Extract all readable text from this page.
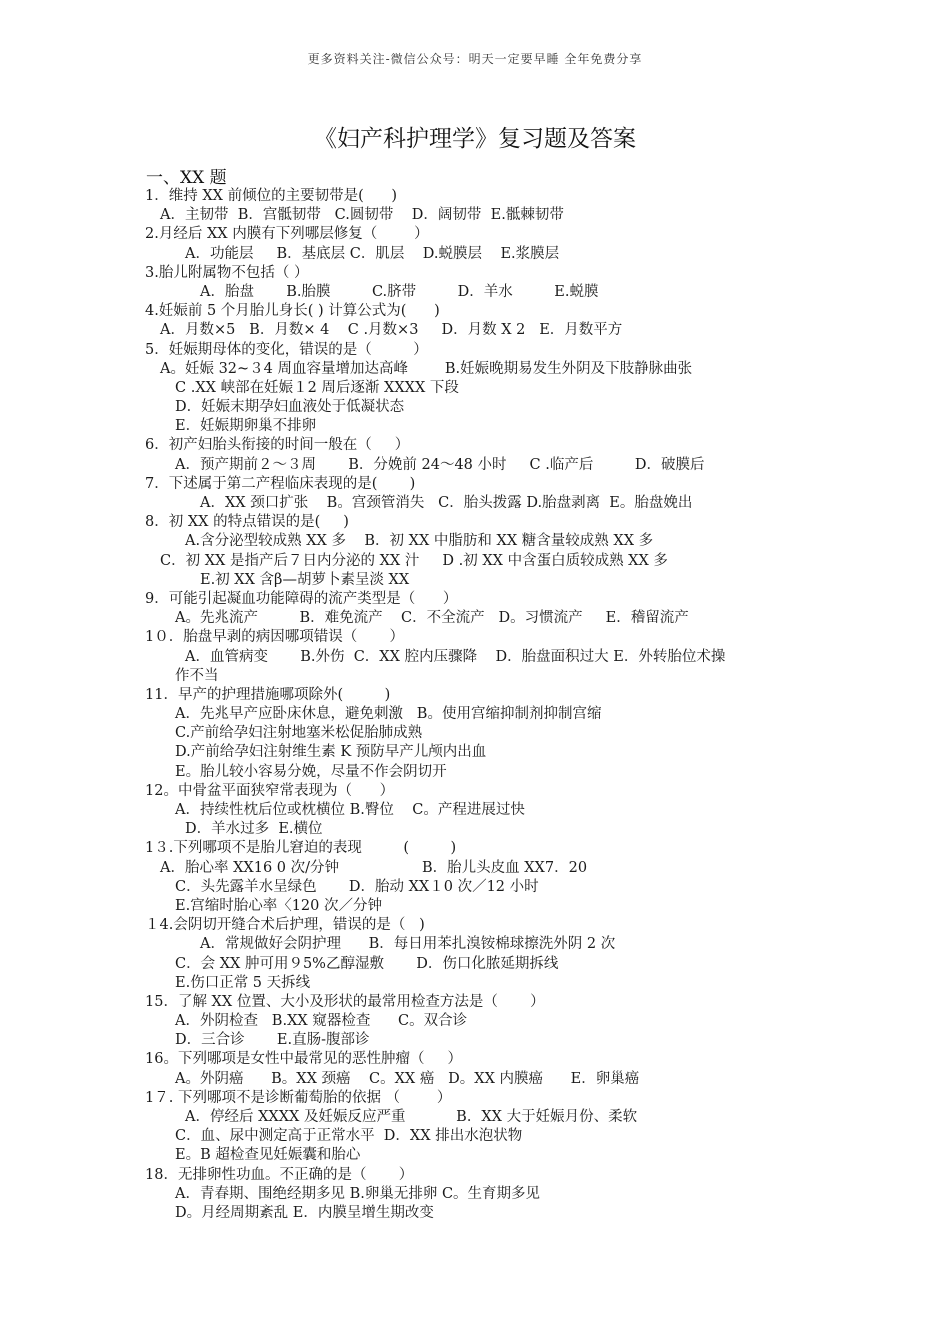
更多资料关注-微信公众号：明天一定要早睡 全年免费分享
《妇产科护理学》复习题及答案
一、XX 题
1．维持 XX 前倾位的主要韧带是(      )
A．主韧带  B．宫骶韧带   C.圆韧带    D．阔韧带  E.骶棘韧带
2.月经后 XX 内膜有下列哪层修复（        ）
A．功能层     B．基底层 C．肌层    D.蜕膜层    E.浆膜层
3.胎儿附属物不包括（ ）
A．胎盘       B.胎膜         C.脐带         D．羊水         E.蜕膜
4.妊娠前 5 个月胎儿身长( ) 计算公式为(      )
A．月数×5   B．月数× 4    C .月数×3     D．月数 X 2   E．月数平方
5．妊娠期母体的变化，错误的是（         ）
A。妊娠 32~３4 周血容量增加达高峰        B.妊娠晚期易发生外阴及下肢静脉曲张
C .XX 峡部在妊娠１2 周后逐渐 XXXX 下段
D．妊娠末期孕妇血液处于低凝状态
E．妊娠期卵巢不排卵
6．初产妇胎头衔接的时间一般在（     ）
A．预产期前２～３周       B．分娩前 24～48 小时     C .临产后         D．破膜后
7．下述属于第二产程临床表现的是(       )
A．XX 颈口扩张    B。宫颈管消失   C．胎头拨露 D.胎盘剥离  E。胎盘娩出
8．初 XX 的特点错误的是(     )
A.含分泌型较成熟 XX 多    B．初 XX 中脂肪和 XX 糖含量较成熟 XX 多
C．初 XX 是指产后７日内分泌的 XX 汁     D .初 XX 中含蛋白质较成熟 XX 多
E.初 XX 含β—胡萝卜素呈淡 XX
9．可能引起凝血功能障碍的流产类型是（      ）
A。先兆流产         B．难免流产    C．不全流产   D。习惯流产     E．稽留流产
1０．胎盘早剥的病因哪项错误（       ）
A．血管病变       B.外伤  C．XX 腔内压骤降    D．胎盘面积过大 E．外转胎位术操
作不当
11．早产的护理措施哪项除外(         )
A．先兆早产应卧床休息，避免刺激   B。使用宫缩抑制剂抑制宫缩
C.产前给孕妇注射地塞米松促胎肺成熟
D.产前给孕妇注射维生素 K 预防早产儿颅内出血
E。胎儿较小容易分娩，尽量不作会阴切开
12。中骨盆平面狭窄常表现为（      ）
A．持续性枕后位或枕横位 B.臀位    C。产程进展过快
D．羊水过多  E.横位
1３.下列哪项不是胎儿窘迫的表现         (         )
A．胎心率 XX16 0 次/分钟                  B．胎儿头皮血 XX7．20
C．头先露羊水呈绿色       D．胎动 XX１0 次／12 小时
E.宫缩时胎心率〈120 次／分钟
１4.会阴切开缝合术后护理，错误的是（   )
A．常规做好会阴护理      B．每日用苯扎溴铵棉球擦洗外阴 2 次
C．会 XX 肿可用９5%乙醇湿敷       D．伤口化脓延期拆线
E.伤口正常 5 天拆线
15．了解 XX 位置、大小及形状的最常用检查方法是（       ）
A．外阴检查   B.XX 窥器检查      C。双合诊
D．三合诊       E.直肠-腹部诊
16。下列哪项是女性中最常见的恶性肿瘤（     ）
A。外阴癌      B。XX 颈癌    C。XX 癌   D。XX 内膜癌      E．卵巢癌
1７. 下列哪项不是诊断葡萄胎的依据 （        ）
A．停经后 XXXX 及妊娠反应严重           B．XX 大于妊娠月份、柔软
C．血、尿中测定高于正常水平  D．XX 排出水泡状物
E。B 超检查见妊娠囊和胎心
18．无排卵性功血。不正确的是（       ）
A．青春期、围绝经期多见 B.卵巢无排卵 C。生育期多见
D。月经周期紊乱 E．内膜呈增生期改变
